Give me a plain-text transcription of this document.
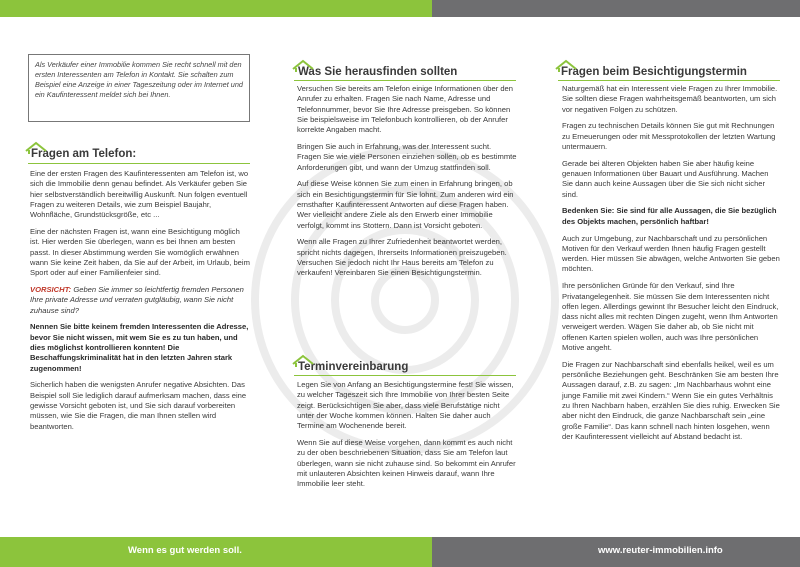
Als Verkäufer einer Immobilie kommen Sie recht schnell mit den ersten Interessenten am Telefon in Kontakt. Sie schalten zum Beispiel eine Anzeige in einer Tageszeitung oder im Internet und ein Kaufinteressent meldet sich bei Ihnen.
Fragen am Telefon:

Eine der ersten Fragen des Kaufinteressenten am Telefon ist, wo sich die Immobilie denn genau befindet. Als Verkäufer geben Sie hier selbstverständlich bereitwillig Auskunft. Nun folgen eventuell Fragen zu weiteren Details, wie zum Beispiel Baujahr, Wohnfläche, Grundstücksgröße, etc ...

Eine der nächsten Fragen ist, wann eine Besichtigung möglich ist. Hier werden Sie überlegen, wann es bei Ihnen am besten passt. In dieser Abstimmung werden Sie womöglich erwähnen wann Sie keine Zeit haben, da Sie auf der Arbeit, im Urlaub, beim Sport oder auf einer Familienfeier sind.

VORSICHT: Geben Sie immer so leichtfertig fremden Personen Ihre private Adresse und verraten gutgläubig, wann Sie nicht zuhause sind?

Nennen Sie bitte keinem fremden Interessenten die Adresse, bevor Sie nicht wissen, mit wem Sie es zu tun haben, und dies möglichst kontrollieren konnten! Die Beschaffungskriminalität hat in den letzten Jahren stark zugenommen!

Sicherlich haben die wenigsten Anrufer negative Absichten. Das Beispiel soll Sie lediglich darauf aufmerksam machen, dass eine gewisse Vorsicht geboten ist, und Sie sich darauf vorbereiten müssen, wie Sie die Fragen, die man Ihnen stellen wird beantworten.

Was Sie herausfinden sollten

Versuchen Sie bereits am Telefon einige Informationen über den Anrufer zu erhalten. Fragen Sie nach Name, Adresse und Telefonnummer, bevor Sie Ihre Adresse preisgeben. So können Sie beispielsweise im Telefonbuch kontrollieren, ob der Anrufer korrekte Angaben macht.

Bringen Sie auch in Erfahrung, was der Interessent sucht. Fragen Sie wie viele Personen einziehen sollen, ob es bestimmte Anforderungen gibt, und wann der Umzug stattfinden soll.

Auf diese Weise können Sie zum einen in Erfahrung bringen, ob sich ein Besichtigungstermin für Sie lohnt. Zum anderen wird ein ernsthafter Kaufinteressent Antworten auf diese Fragen haben. Wer vielleicht andere Ziele als den Erwerb einer Immobilie verfolgt, kommt ins Stottern. Dann ist Vorsicht geboten.

Wenn alle Fragen zu Ihrer Zufriedenheit beantwortet werden, spricht nichts dagegen, Ihrerseits Informationen preiszugeben. Versuchen Sie jedoch nicht Ihr Haus bereits am Telefon zu verkaufen! Vereinbaren Sie einen Besichtigungstermin.

Terminvereinbarung

Legen Sie von Anfang an Besichtigungstermine fest! Sie wissen, zu welcher Tageszeit sich Ihre Immobilie von Ihrer besten Seite zeigt. Berücksichtigen Sie aber, dass viele Berufstätige nicht unter der Woche kommen können. Halten Sie daher auch Termine am Wochenende bereit.

Wenn Sie auf diese Weise vorgehen, dann kommt es auch nicht zu der oben beschriebenen Situation, dass Sie am Telefon laut überlegen, wann sie nicht zuhause sind. So bekommt ein Anrufer mit unlauteren Absichten keinen Hinweis darauf, wann Ihre Immobilie leer steht.

Fragen beim Besichtigungstermin

Naturgemäß hat ein Interessent viele Fragen zu Ihrer Immobilie. Sie sollten diese Fragen wahrheitsgemäß beantworten, um sich vor negativen Folgen zu schützen.

Fragen zu technischen Details können Sie gut mit Rechnungen zu Erneuerungen oder mit Messprotokollen der letzten Wartung untermauern.

Gerade bei älteren Objekten haben Sie aber häufig keine genauen Informationen über Bauart und Ausführung. Machen Sie dann auch keine Aussagen über die Sie sich nicht sicher sind.

Bedenken Sie: Sie sind für alle Aussagen, die Sie bezüglich des Objekts machen, persönlich haftbar!

Auch zur Umgebung, zur Nachbarschaft und zu persönlichen Motiven für den Verkauf werden Ihnen häufig Fragen gestellt werden. Hier müssen Sie abwägen, welche Antworten Sie geben möchten.

Ihre persönlichen Gründe für den Verkauf, sind Ihre Privatangelegenheit. Sie müssen Sie dem Interessenten nicht offen legen. Allerdings gewinnt Ihr Besucher leicht den Eindruck, dass nicht alles mit rechten Dingen zugeht, wenn Ihm Antworten verweigert werden. Wägen Sie daher ab, ob Sie nicht mit offenen Karten spielen wollen, auch was Ihre persönlichen Motive angeht.

Die Fragen zur Nachbarschaft sind ebenfalls heikel, weil es um persönliche Beziehungen geht. Beschränken Sie am besten Ihre Aussagen darauf, z.B. zu sagen: „Im Nachbarhaus wohnt eine junge Familie mit zwei Kindern.“ Wenn Sie ein gutes Verhältnis zu Ihren Nachbarn haben, erzählen Sie dies ruhig. Erwecken Sie aber nicht den Eindruck, die ganze Nachbarschaft sein „eine große Familie“. Das kann schnell nach hinten losgehen, wenn der Kaufinteressent vielleicht auf Abstand bedacht ist.

Wenn es gut werden soll.	www.reuter-immobilien.info
